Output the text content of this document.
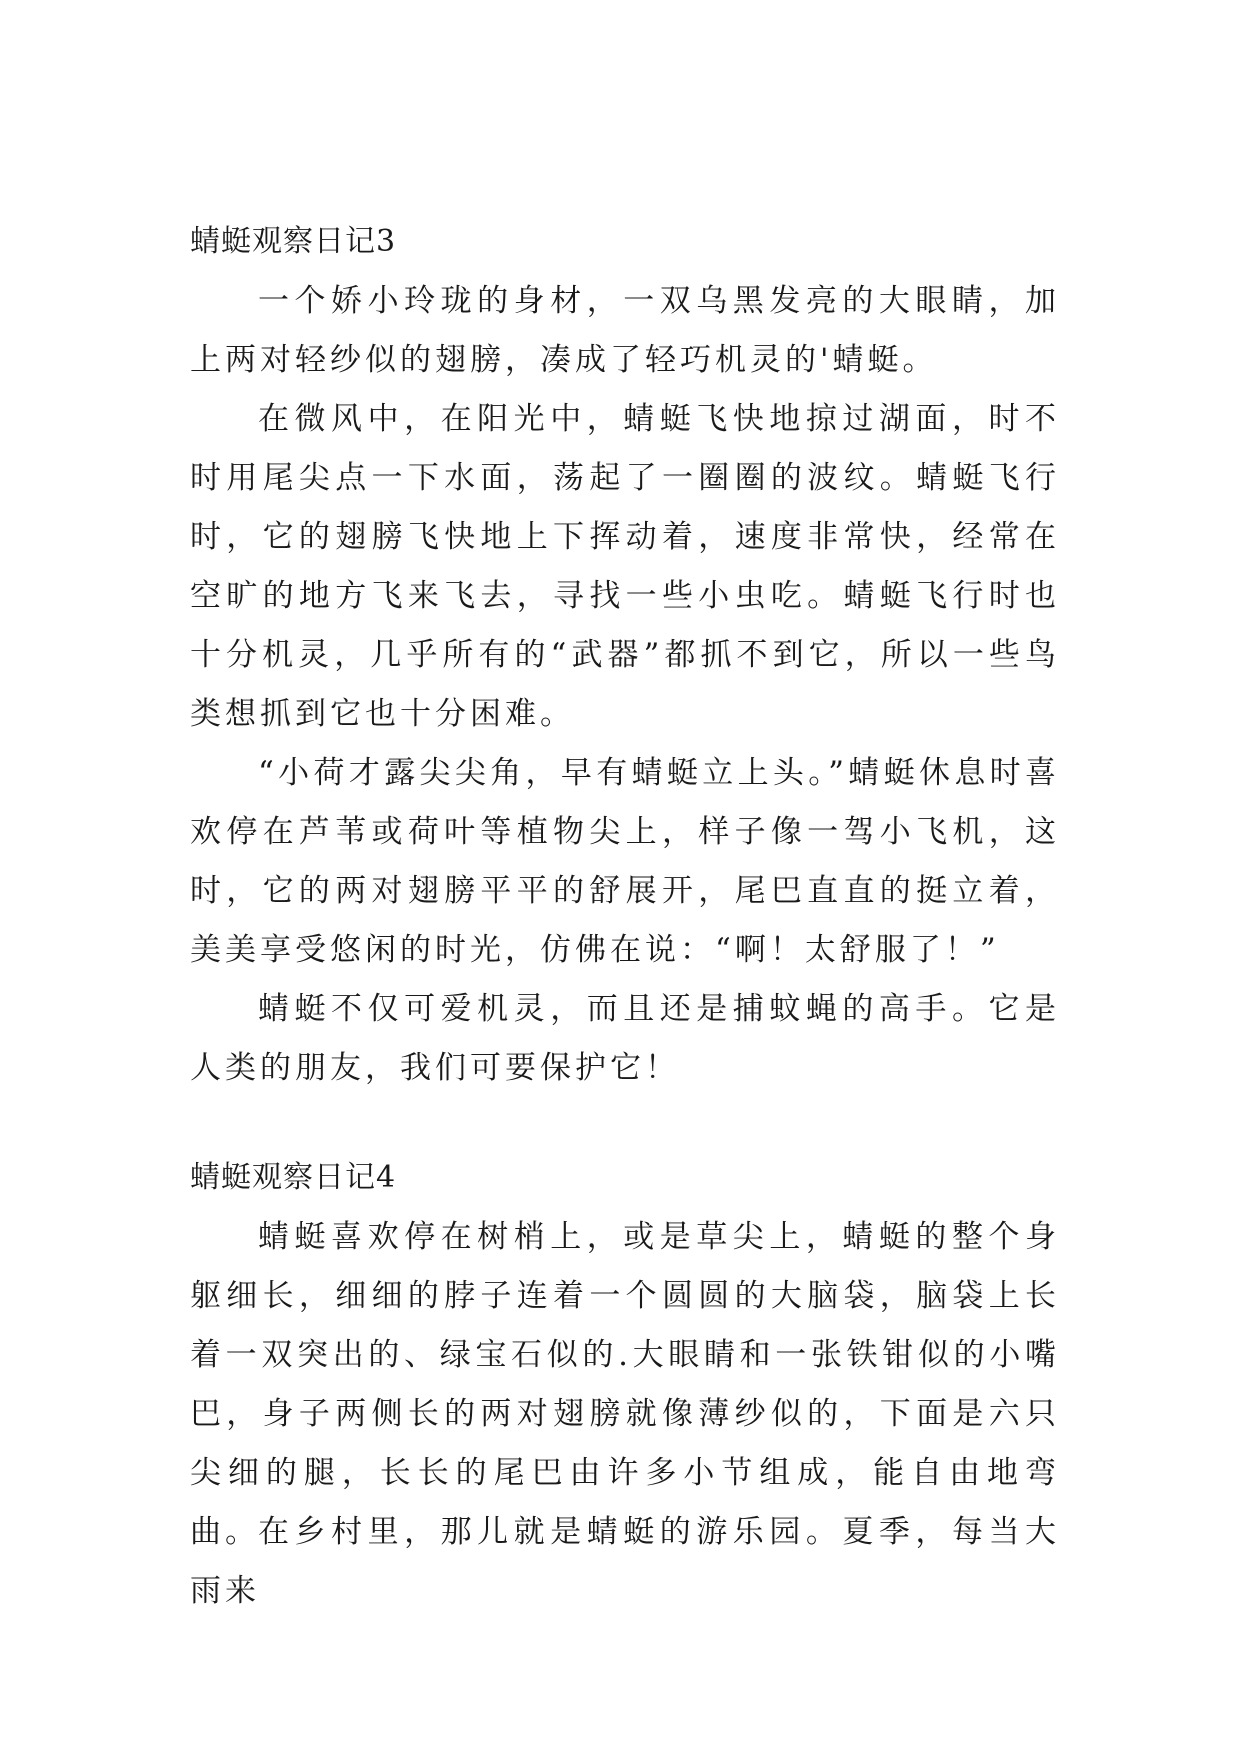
蜻蜓观察日记3

一个娇小玲珑的身材，一双乌黑发亮的大眼睛，加上两对轻纱似的翅膀，凑成了轻巧机灵的'蜻蜓。

在微风中，在阳光中，蜻蜓飞快地掠过湖面，时不时用尾尖点一下水面，荡起了一圈圈的波纹。蜻蜓飞行时，它的翅膀飞快地上下挥动着，速度非常快，经常在空旷的地方飞来飞去，寻找一些小虫吃。蜻蜓飞行时也十分机灵，几乎所有的“武器”都抓不到它，所以一些鸟类想抓到它也十分困难。

“小荷才露尖尖角，早有蜻蜓立上头。”蜻蜓休息时喜欢停在芦苇或荷叶等植物尖上，样子像一驾小飞机，这时，它的两对翅膀平平的舒展开，尾巴直直的挺立着，美美享受悠闲的时光，仿佛在说：“啊！太舒服了！”

蜻蜓不仅可爱机灵，而且还是捕蚊蝇的高手。它是人类的朋友，我们可要保护它！

蜻蜓观察日记4

蜻蜓喜欢停在树梢上，或是草尖上，蜻蜓的整个身躯细长，细细的脖子连着一个圆圆的大脑袋，脑袋上长着一双突出的、绿宝石似的.大眼睛和一张铁钳似的小嘴巴，身子两侧长的两对翅膀就像薄纱似的，下面是六只尖细的腿，长长的尾巴由许多小节组成，能自由地弯曲。

在乡村里，那儿就是蜻蜓的游乐园。夏季，每当大雨来
